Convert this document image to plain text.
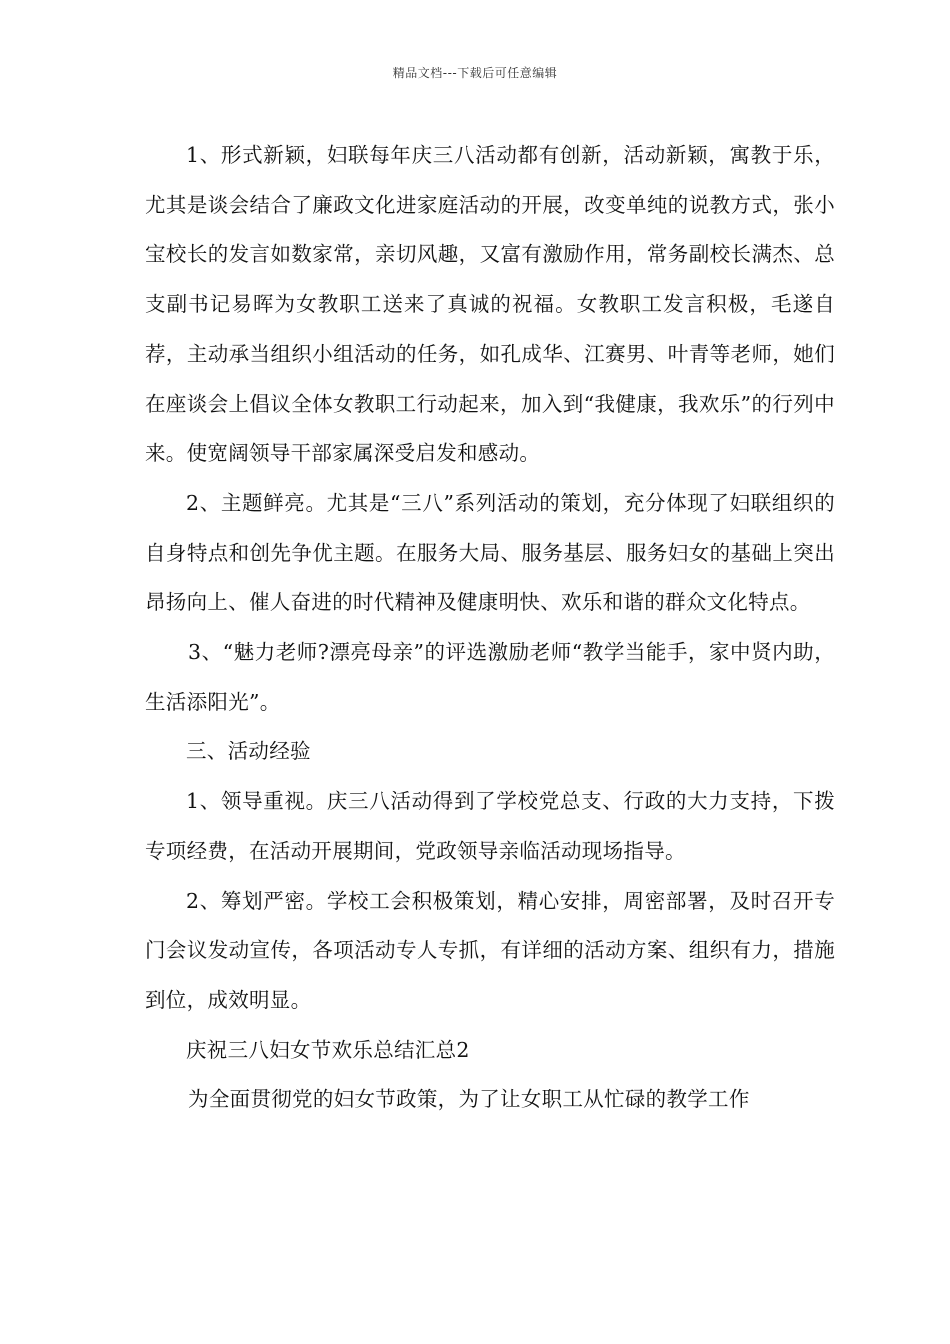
精品文档---下载后可任意编辑

1、形式新颖，妇联每年庆三八活动都有创新，活动新颖，寓教于乐，尤其是谈会结合了廉政文化进家庭活动的开展，改变单纯的说教方式，张小宝校长的发言如数家常，亲切风趣，又富有激励作用，常务副校长满杰、总支副书记易晖为女教职工送来了真诚的祝福。女教职工发言积极，毛遂自荐，主动承当组织小组活动的任务，如孔成华、江赛男、叶青等老师，她们在座谈会上倡议全体女教职工行动起来，加入到“我健康，我欢乐”的行列中来。使宽阔领导干部家属深受启发和感动。

2、主题鲜亮。尤其是“三八”系列活动的策划，充分体现了妇联组织的自身特点和创先争优主题。在服务大局、服务基层、服务妇女的基础上突出昂扬向上、催人奋进的时代精神及健康明快、欢乐和谐的群众文化特点。

3、“魅力老师?漂亮母亲”的评选激励老师“教学当能手，家中贤内助，生活添阳光”。

三、活动经验

1、领导重视。庆三八活动得到了学校党总支、行政的大力支持，下拨专项经费，在活动开展期间，党政领导亲临活动现场指导。

2、筹划严密。学校工会积极策划，精心安排，周密部署，及时召开专门会议发动宣传，各项活动专人专抓，有详细的活动方案、组织有力，措施到位，成效明显。

庆祝三八妇女节欢乐总结汇总2

为全面贯彻党的妇女节政策，为了让女职工从忙碌的教学工作
